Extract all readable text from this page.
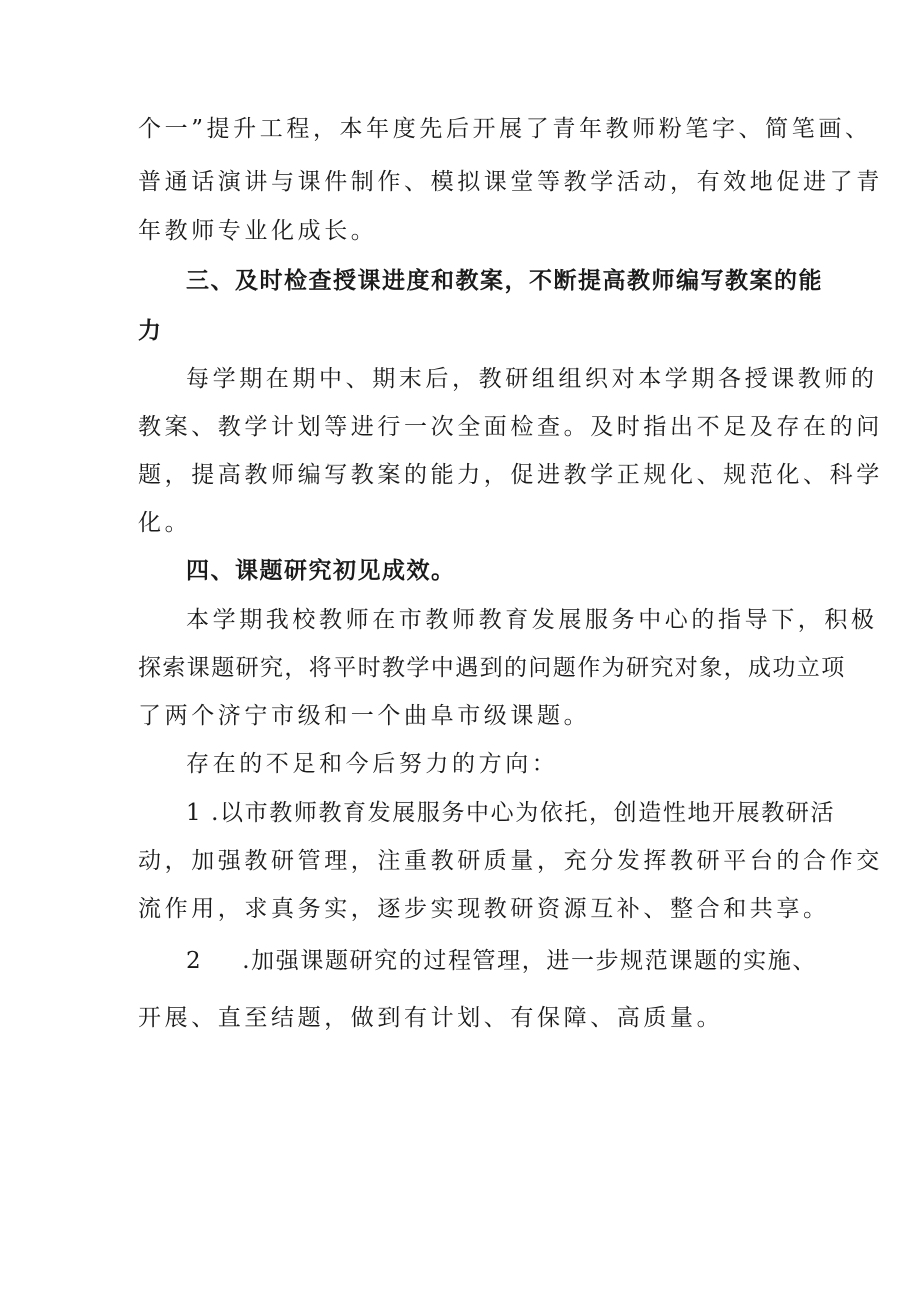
个一”提升工程，本年度先后开展了青年教师粉笔字、简笔画、
普通话演讲与课件制作、模拟课堂等教学活动，有效地促进了青
年教师专业化成长。
三、及时检查授课进度和教案，不断提高教师编写教案的能
力
每学期在期中、期末后，教研组组织对本学期各授课教师的
教案、教学计划等进行一次全面检查。及时指出不足及存在的问
题，提高教师编写教案的能力，促进教学正规化、规范化、科学
化。
四、课题研究初见成效。
本学期我校教师在市教师教育发展服务中心的指导下，积极
探索课题研究，将平时教学中遇到的问题作为研究对象，成功立项
了两个济宁市级和一个曲阜市级课题。
存在的不足和今后努力的方向：
1 .以市教师教育发展服务中心为依托，创造性地开展教研活
动，加强教研管理，注重教研质量，充分发挥教研平台的合作交
流作用，求真务实，逐步实现教研资源互补、整合和共享。
2 .加强课题研究的过程管理，进一步规范课题的实施、
开展、直至结题，做到有计划、有保障、高质量。
